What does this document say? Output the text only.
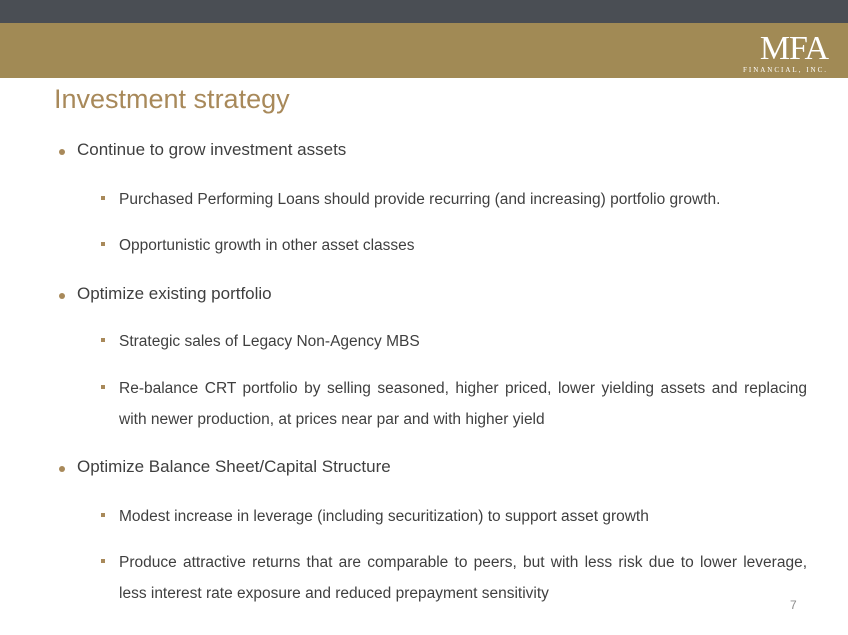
MFA
FINANCIAL, INC.
Investment strategy
Continue to grow investment assets
Purchased Performing Loans should provide recurring (and increasing) portfolio growth.
Opportunistic growth in other asset classes
Optimize existing portfolio
Strategic sales of Legacy Non-Agency MBS
Re-balance CRT portfolio by selling seasoned, higher priced, lower yielding assets and replacing with newer production, at prices near par and with higher yield
Optimize Balance Sheet/Capital Structure
Modest increase in leverage (including securitization) to support asset growth
Produce attractive returns that are comparable to peers, but with less risk due to lower leverage, less interest rate exposure and reduced prepayment sensitivity
7
